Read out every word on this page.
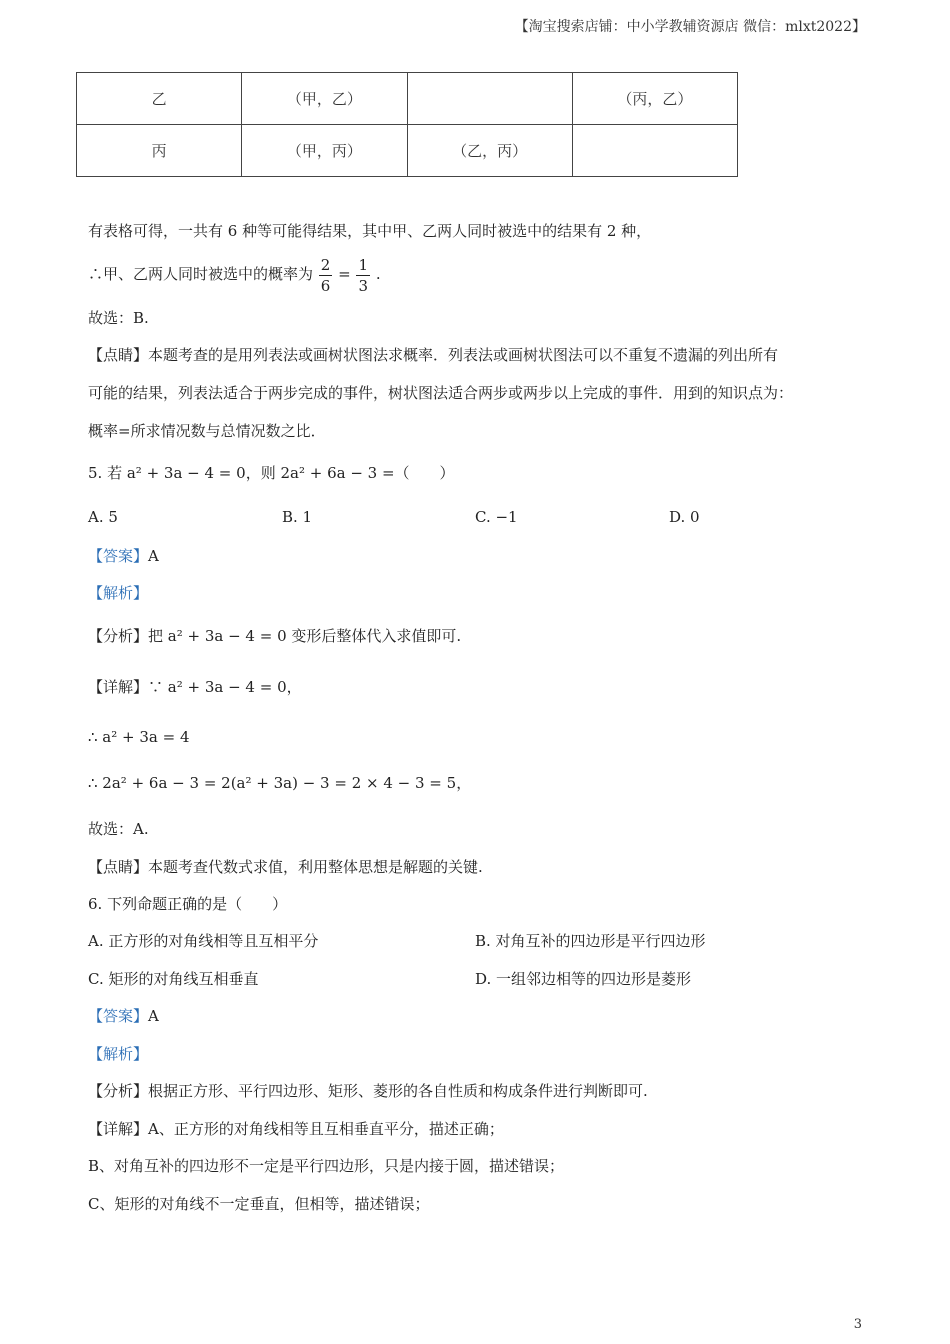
【淘宝搜索店铺：中小学教辅资源店 微信：mlxt2022】
乙	（甲，乙）		（丙，乙）
丙	（甲，丙）	（乙，丙）	
有表格可得，一共有 6 种等可能得结果，其中甲、乙两人同时被选中的结果有 2 种，
∴甲、乙两人同时被选中的概率为 $\frac{2}{6} = \frac{1}{3}$ .
故选：B.
【点睛】本题考查的是用列表法或画树状图法求概率．列表法或画树状图法可以不重复不遗漏的列出所有
可能的结果，列表法适合于两步完成的事件，树状图法适合两步或两步以上完成的事件．用到的知识点为：
概率=所求情况数与总情况数之比．
5. 若 a² + 3a − 4 = 0，则 2a² + 6a − 3 =（　　）
A. 5	B. 1	C. −1	D. 0
【答案】A
【解析】
【分析】把 a² + 3a − 4 = 0 变形后整体代入求值即可.
【详解】∵ a² + 3a − 4 = 0，
∴ a² + 3a = 4
∴ 2a² + 6a − 3 = 2(a² + 3a) − 3 = 2 × 4 − 3 = 5，
故选：A.
【点睛】本题考查代数式求值，利用整体思想是解题的关键.
6. 下列命题正确的是（　　）
A. 正方形的对角线相等且互相平分	B. 对角互补的四边形是平行四边形
C. 矩形的对角线互相垂直	D. 一组邻边相等的四边形是菱形
【答案】A
【解析】
【分析】根据正方形、平行四边形、矩形、菱形的各自性质和构成条件进行判断即可.
【详解】A、正方形的对角线相等且互相垂直平分，描述正确；
B、对角互补的四边形不一定是平行四边形，只是内接于圆，描述错误；
C、矩形的对角线不一定垂直，但相等，描述错误；
3
